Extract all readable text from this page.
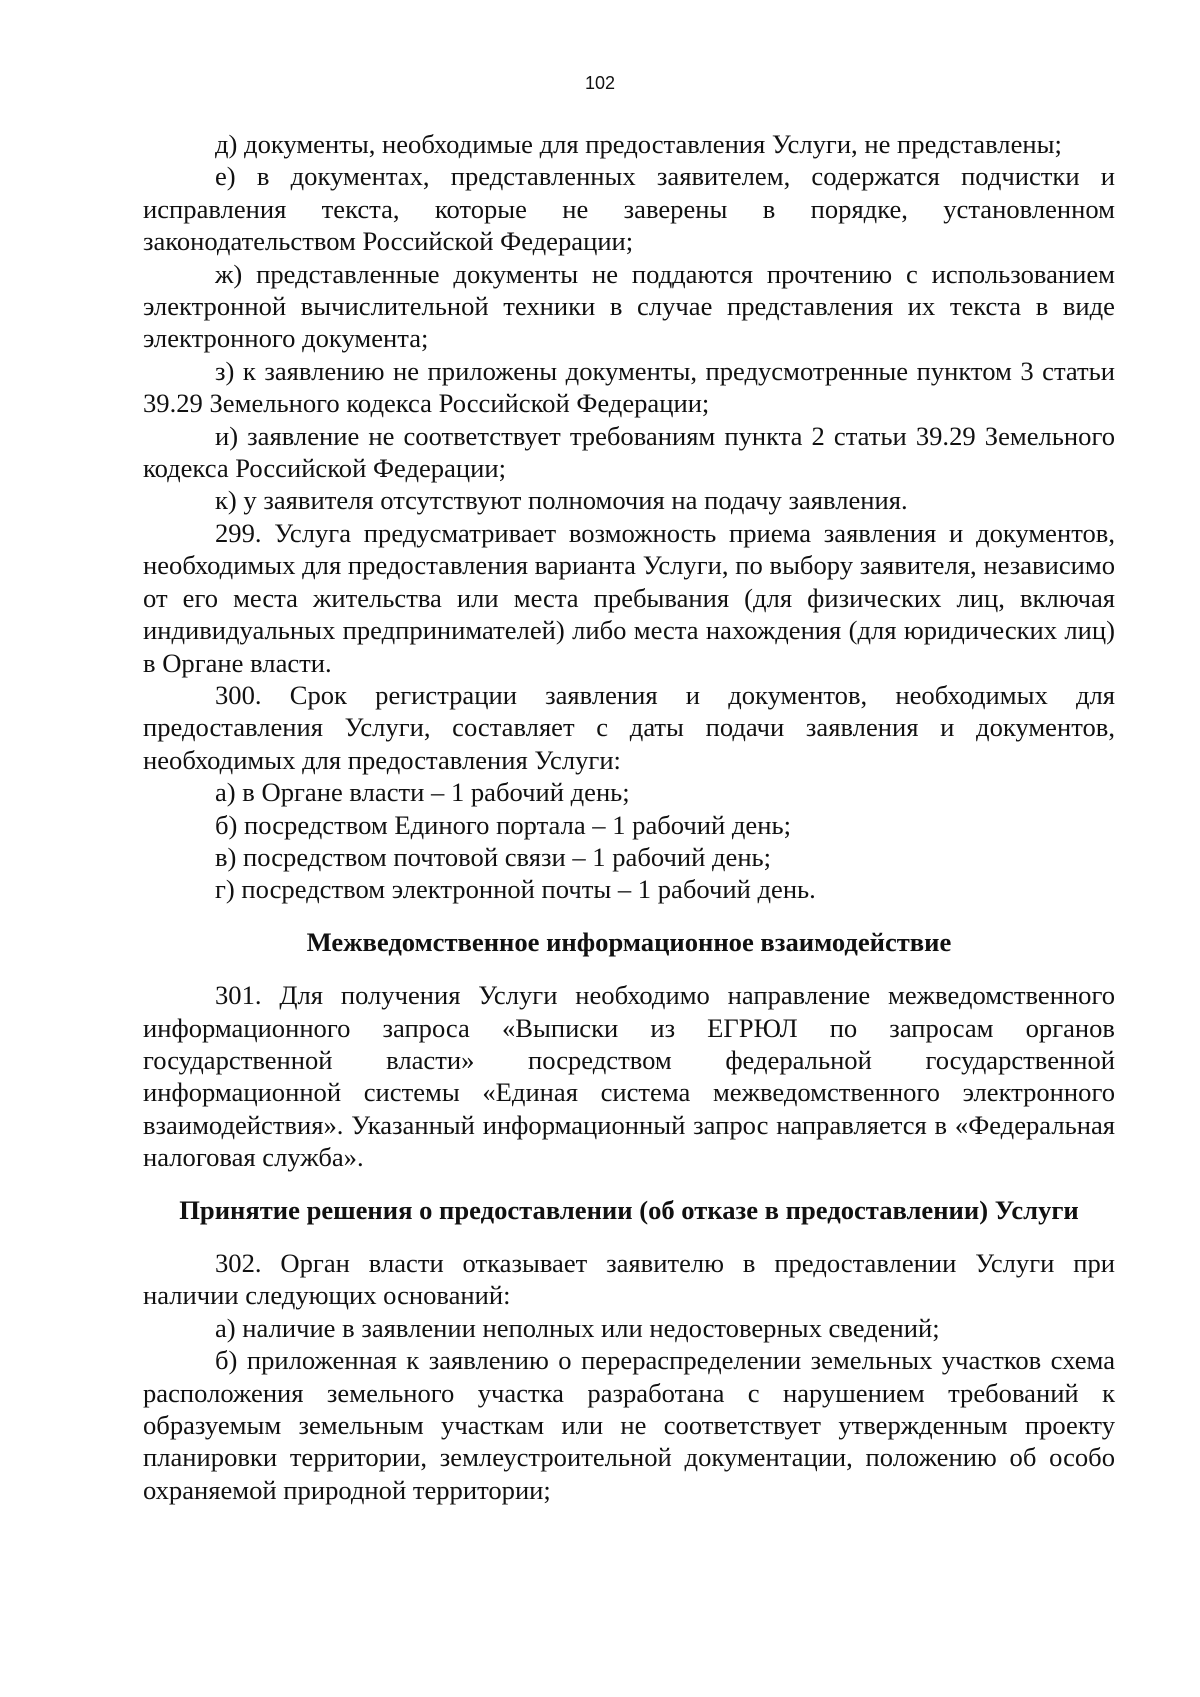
102

д) документы, необходимые для предоставления Услуги, не представлены;

е) в документах, представленных заявителем, содержатся подчистки и исправления текста, которые не заверены в порядке, установленном законодательством Российской Федерации;

ж) представленные документы не поддаются прочтению с использованием электронной вычислительной техники в случае представления их текста в виде электронного документа;

з) к заявлению не приложены документы, предусмотренные пунктом 3 статьи 39.29 Земельного кодекса Российской Федерации;

и) заявление не соответствует требованиям пункта 2 статьи 39.29 Земельного кодекса Российской Федерации;

к) у заявителя отсутствуют полномочия на подачу заявления.

299. Услуга предусматривает возможность приема заявления и документов, необходимых для предоставления варианта Услуги, по выбору заявителя, независимо от его места жительства или места пребывания (для физических лиц, включая индивидуальных предпринимателей) либо места нахождения (для юридических лиц) в Органе власти.

300. Срок регистрации заявления и документов, необходимых для предоставления Услуги, составляет с даты подачи заявления и документов, необходимых для предоставления Услуги:

а) в Органе власти – 1 рабочий день;

б) посредством Единого портала – 1 рабочий день;

в) посредством почтовой связи – 1 рабочий день;

г) посредством электронной почты – 1 рабочий день.

Межведомственное информационное взаимодействие

301. Для получения Услуги необходимо направление межведомственного информационного запроса «Выписки из ЕГРЮЛ по запросам органов государственной власти» посредством федеральной государственной информационной системы «Единая система межведомственного электронного взаимодействия». Указанный информационный запрос направляется в «Федеральная налоговая служба».

Принятие решения о предоставлении (об отказе в предоставлении) Услуги

302. Орган власти отказывает заявителю в предоставлении Услуги при наличии следующих оснований:

а) наличие в заявлении неполных или недостоверных сведений;

б) приложенная к заявлению о перераспределении земельных участков схема расположения земельного участка разработана с нарушением требований к образуемым земельным участкам или не соответствует утвержденным проекту планировки территории, землеустроительной документации, положению об особо охраняемой природной территории;
